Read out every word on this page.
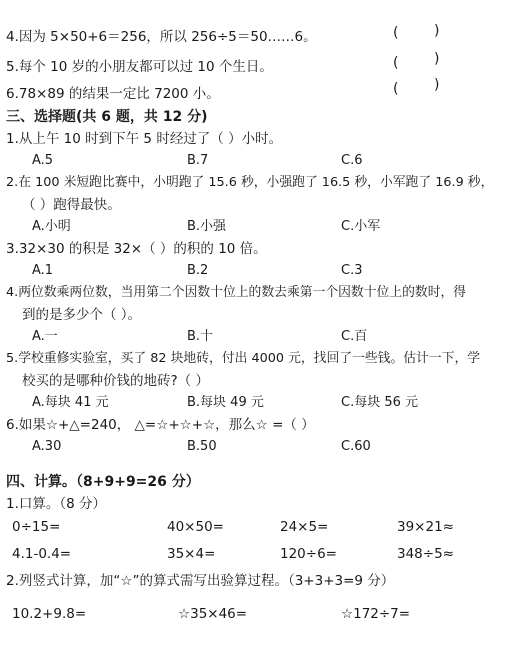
4.因为 5×50+6＝256，所以 256÷5＝50……6。	(	)
5.每个 10 岁的小朋友都可以过 10 个生日。	(	)
6.78×89 的结果一定比 7200 小。	(	)
三、选择题(共 6 题，共 12 分)
1.从上午 10 时到下午 5 时经过了（ ）小时。
A.5	B.7	C.6
2.在 100 米短跑比赛中，小明跑了 15.6 秒，小强跑了 16.5 秒，小军跑了 16.9 秒，
（ ）跑得最快。
A.小明	B.小强	C.小军
3.32×30 的积是 32×（ ）的积的 10 倍。
A.1	B.2	C.3
4.两位数乘两位数，当用第二个因数十位上的数去乘第一个因数十位上的数时，得
到的是多少个（ ）。
A.一	B.十	C.百
5.学校重修实验室，买了 82 块地砖，付出 4000 元，找回了一些钱。估计一下，学
校买的是哪种价钱的地砖?（ ）
A.每块 41 元	B.每块 49 元	C.每块 56 元
6.如果☆+△=240， △=☆+☆+☆，那么☆ =（ ）
A.30	B.50	C.60
四、计算。（8+9+9=26 分）
1.口算。（8 分）
0÷15=	40×50=	24×5=	39×21≈
4.1-0.4=	35×4=	120÷6=	348÷5≈
2.列竖式计算，加“☆”的算式需写出验算过程。（3+3+3=9 分）
10.2+9.8=	☆35×46=	☆172÷7=
